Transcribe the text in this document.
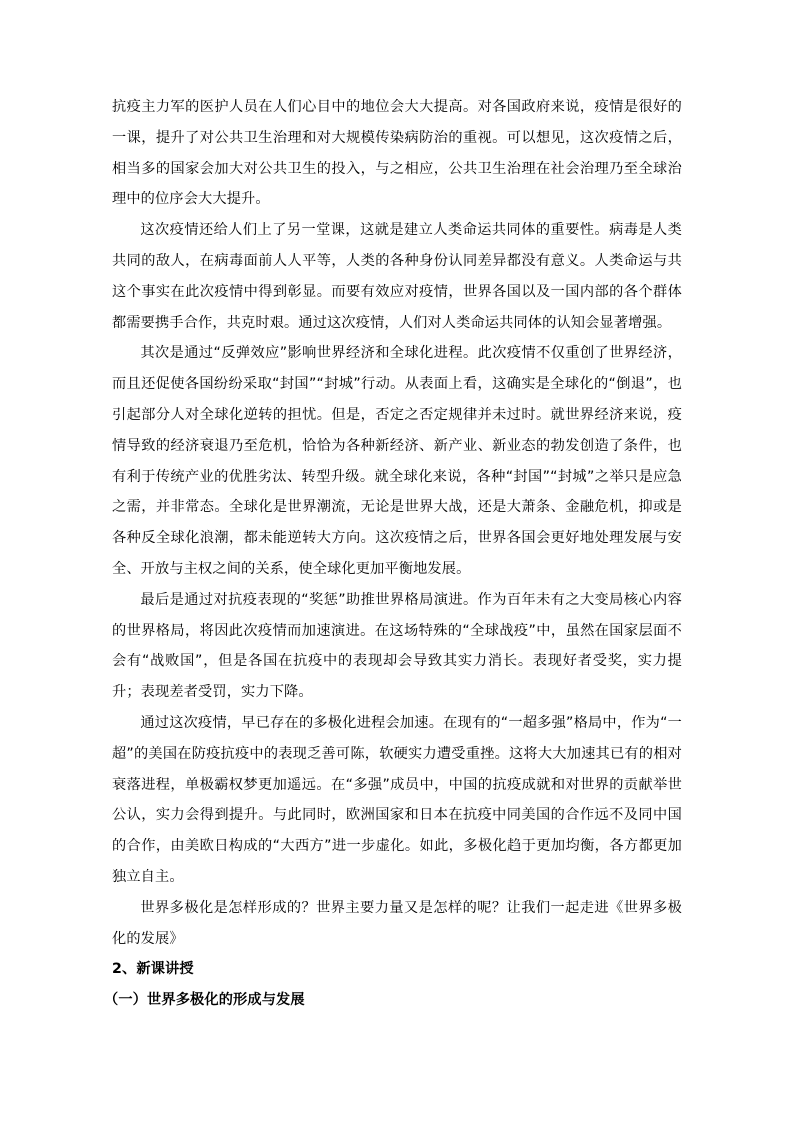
抗疫主力军的医护人员在人们心目中的地位会大大提高。对各国政府来说，疫情是很好的一课，提升了对公共卫生治理和对大规模传染病防治的重视。可以想见，这次疫情之后，相当多的国家会加大对公共卫生的投入，与之相应，公共卫生治理在社会治理乃至全球治理中的位序会大大提升。

这次疫情还给人们上了另一堂课，这就是建立人类命运共同体的重要性。病毒是人类共同的敌人，在病毒面前人人平等，人类的各种身份认同差异都没有意义。人类命运与共这个事实在此次疫情中得到彰显。而要有效应对疫情，世界各国以及一国内部的各个群体都需要携手合作，共克时艰。通过这次疫情，人们对人类命运共同体的认知会显著增强。

其次是通过“反弹效应”影响世界经济和全球化进程。此次疫情不仅重创了世界经济，而且还促使各国纷纷采取“封国”“封城”行动。从表面上看，这确实是全球化的“倒退”，也引起部分人对全球化逆转的担忧。但是，否定之否定规律并未过时。就世界经济来说，疫情导致的经济衰退乃至危机，恰恰为各种新经济、新产业、新业态的勃发创造了条件，也有利于传统产业的优胜劣汰、转型升级。就全球化来说，各种“封国”“封城”之举只是应急之需，并非常态。全球化是世界潮流，无论是世界大战，还是大萧条、金融危机，抑或是各种反全球化浪潮，都未能逆转大方向。这次疫情之后，世界各国会更好地处理发展与安全、开放与主权之间的关系，使全球化更加平衡地发展。

最后是通过对抗疫表现的“奖惩”助推世界格局演进。作为百年未有之大变局核心内容的世界格局，将因此次疫情而加速演进。在这场特殊的“全球战疫”中，虽然在国家层面不会有“战败国”，但是各国在抗疫中的表现却会导致其实力消长。表现好者受奖，实力提升；表现差者受罚，实力下降。

通过这次疫情，早已存在的多极化进程会加速。在现有的“一超多强”格局中，作为“一超”的美国在防疫抗疫中的表现乏善可陈，软硬实力遭受重挫。这将大大加速其已有的相对衰落进程，单极霸权梦更加遥远。在“多强”成员中，中国的抗疫成就和对世界的贡献举世公认，实力会得到提升。与此同时，欧洲国家和日本在抗疫中同美国的合作远不及同中国的合作，由美欧日构成的“大西方”进一步虚化。如此，多极化趋于更加均衡，各方都更加独立自主。

世界多极化是怎样形成的？世界主要力量又是怎样的呢？让我们一起走进《世界多极化的发展》

2、新课讲授

（一）世界多极化的形成与发展
